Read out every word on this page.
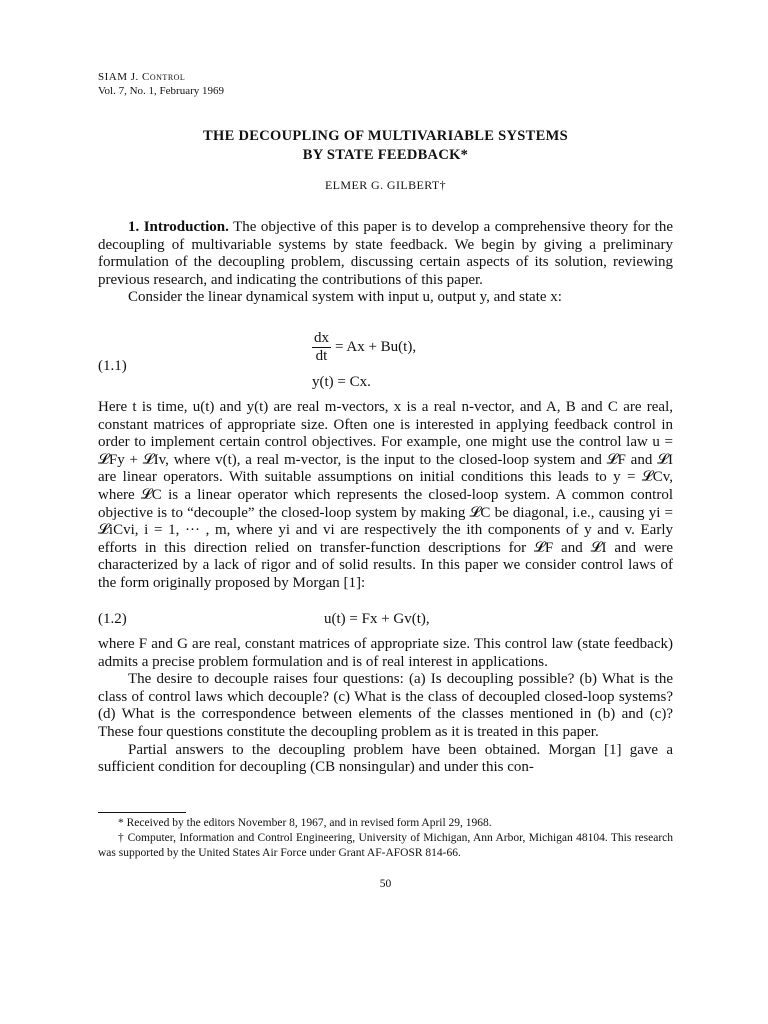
SIAM J. Control
Vol. 7, No. 1, February 1969
THE DECOUPLING OF MULTIVARIABLE SYSTEMS
BY STATE FEEDBACK*
ELMER G. GILBERT†

1. Introduction. The objective of this paper is to develop a comprehensive theory for the decoupling of multivariable systems by state feedback. We begin by giving a preliminary formulation of the decoupling problem, discussing certain aspects of its solution, reviewing previous research, and indicating the contributions of this paper.

Consider the linear dynamical system with input u, output y, and state x:

(1.1)
$\frac{dx}{dt} = Ax + Bu(t)$,
y(t) = Cx.

Here t is time, u(t) and y(t) are real m-vectors, x is a real n-vector, and A, B and C are real, constant matrices of appropriate size. Often one is interested in applying feedback control in order to implement certain control objectives. For example, one might use the control law u = 𝓛Fy + 𝓛Iv, where v(t), a real m-vector, is the input to the closed-loop system and 𝓛F and 𝓛I are linear operators. With suitable assumptions on initial conditions this leads to y = 𝓛Cv, where 𝓛C is a linear operator which represents the closed-loop system. A common control objective is to “decouple” the closed-loop system by making 𝓛C be diagonal, i.e., causing yi = 𝓛iCvi, i = 1, ··· , m, where yi and vi are respectively the ith components of y and v. Early efforts in this direction relied on transfer-function descriptions for 𝓛F and 𝓛I and were characterized by a lack of rigor and of solid results. In this paper we consider control laws of the form originally proposed by Morgan [1]:

(1.2)	u(t) = Fx + Gv(t),

where F and G are real, constant matrices of appropriate size. This control law (state feedback) admits a precise problem formulation and is of real interest in applications.

The desire to decouple raises four questions: (a) Is decoupling possible? (b) What is the class of control laws which decouple? (c) What is the class of decoupled closed-loop systems? (d) What is the correspondence between elements of the classes mentioned in (b) and (c)? These four questions constitute the decoupling problem as it is treated in this paper.

Partial answers to the decoupling problem have been obtained. Morgan [1] gave a sufficient condition for decoupling (CB nonsingular) and under this con-

* Received by the editors November 8, 1967, and in revised form April 29, 1968.

† Computer, Information and Control Engineering, University of Michigan, Ann Arbor, Michigan 48104. This research was supported by the United States Air Force under Grant AF-AFOSR 814-66.

50
